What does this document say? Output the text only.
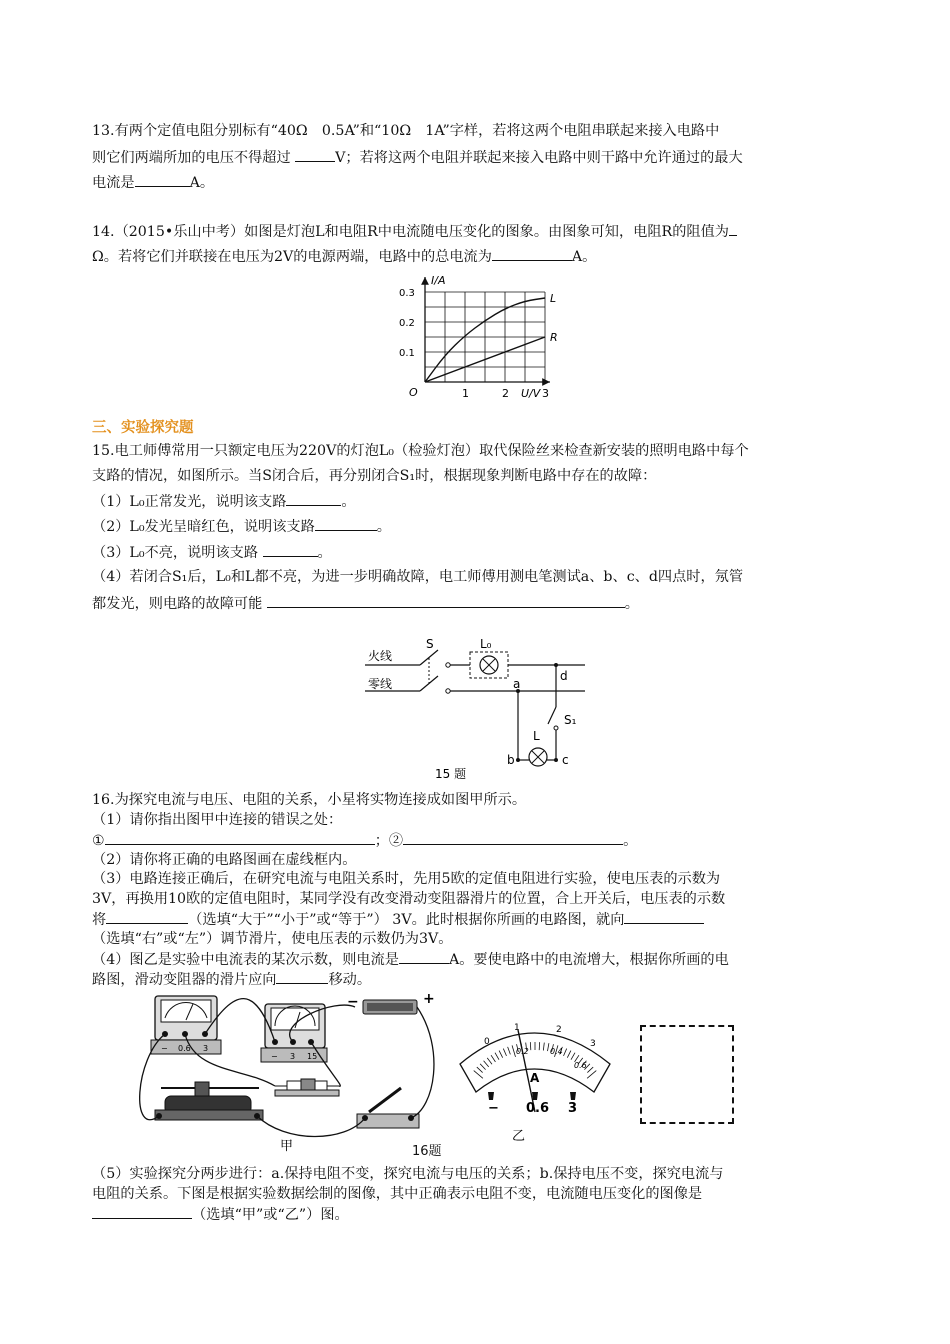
13.有两个定值电阻分别标有“40Ω　0.5A”和“10Ω　1A”字样，若将这两个电阻串联起来接入电路中
则它们两端所加的电压不得超过	V；若将这两个电阻并联起来接入电路中则干路中允许通过的最大
电流是	A。
14.（2015•乐山中考）如图是灯泡L和电阻R中电流随电压变化的图象。由图象可知，电阻R的阻值为
Ω。若将它们并联接在电压为2V的电源两端，电路中的总电流为	A。
L
R
I/A
U/V
O	1	2	3
0.1
0.2
0.3
三、实验探究题
15.电工师傅常用一只额定电压为220V的灯泡L₀（检验灯泡）取代保险丝来检查新安装的照明电路中每个
支路的情况，如图所示。当S闭合后，再分别闭合S₁时，根据现象判断电路中存在的故障：
（1）L₀正常发光，说明该支路	。
（2）L₀发光呈暗红色，说明该支路	。
（3）L₀不亮，说明该支路	。
（4）若闭合S₁后，L₀和L都不亮，为进一步明确故障，电工师傅用测电笔测试a、b、c、d四点时，氖管
都发光，则电路的故障可能	。
S	L₀
火线
零线	a
d
S₁
L
b	c
15 题
16.为探究电流与电压、电阻的关系，小星将实物连接成如图甲所示。
（1）请你指出图甲中连接的错误之处：
①	；②	。
（2）请你将正确的电路图画在虚线框内。
（3）电路连接正确后，在研究电流与电阻关系时，先用5欧的定值电阻进行实验，使电压表的示数为
3V，再换用10欧的定值电阻时，某同学没有改变滑动变阻器滑片的位置，合上开关后，电压表的示数
将	（选填“大于”“小于”或“等于”） 3V。此时根据你所画的电路图，就向
（选填“右”或“左”）调节滑片，使电压表的示数仍为3V。
（4）图乙是实验中电流表的某次示数，则电流是	A。要使电路中的电流增大，根据你所画的电
路图，滑动变阻器的滑片应向	移动。
− 0.6 3
− 3 15
−	+
甲
A
0
1	2
3
0.2	0.4
0.6
− 0.6 3
乙
16题
（5）实验探究分两步进行：a.保持电阻不变，探究电流与电压的关系；b.保持电压不变，探究电流与
电阻的关系。下图是根据实验数据绘制的图像，其中正确表示电阻不变，电流随电压变化的图像是
（选填“甲”或“乙”）图。
